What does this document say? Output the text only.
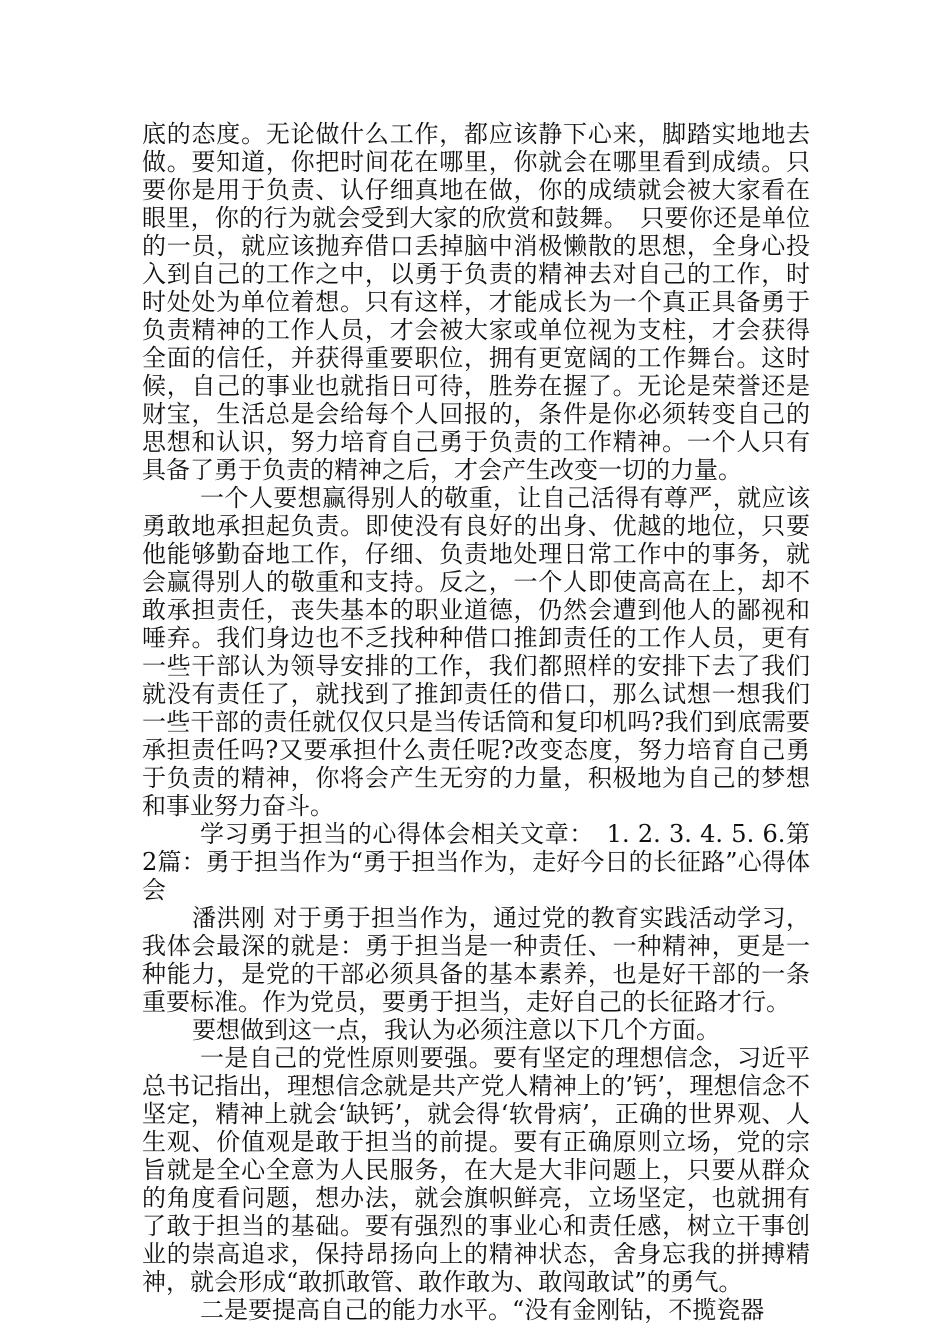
底的态度。无论做什么工作，都应该静下心来，脚踏实地地去做。要知道，你把时间花在哪里，你就会在哪里看到成绩。只要你是用于负责、认仔细真地在做，你的成绩就会被大家看在眼里，你的行为就会受到大家的欣赏和鼓舞。　只要你还是单位的一员，就应该抛弃借口丢掉脑中消极懒散的思想，全身心投入到自己的工作之中，以勇于负责的精神去对自己的工作，时时处处为单位着想。只有这样，才能成长为一个真正具备勇于负责精神的工作人员，才会被大家或单位视为支柱，才会获得全面的信任，并获得重要职位，拥有更宽阔的工作舞台。这时候，自己的事业也就指日可待，胜券在握了。无论是荣誉还是财宝，生活总是会给每个人回报的，条件是你必须转变自己的思想和认识，努力培育自己勇于负责的工作精神。一个人只有具备了勇于负责的精神之后，才会产生改变一切的力量。

一个人要想赢得别人的敬重，让自己活得有尊严，就应该勇敢地承担起负责。即使没有良好的出身、优越的地位，只要他能够勤奋地工作，仔细、负责地处理日常工作中的事务，就会赢得别人的敬重和支持。反之，一个人即使高高在上，却不敢承担责任，丧失基本的职业道德，仍然会遭到他人的鄙视和唾弃。我们身边也不乏找种种借口推卸责任的工作人员，更有一些干部认为领导安排的工作，我们都照样的安排下去了我们就没有责任了，就找到了推卸责任的借口，那么试想一想我们一些干部的责任就仅仅只是当传话筒和复印机吗?我们到底需要承担责任吗?又要承担什么责任呢?改变态度，努力培育自己勇于负责的精神，你将会产生无穷的力量，积极地为自己的梦想和事业努力奋斗。

学习勇于担当的心得体会相关文章：　1. 2. 3. 4. 5. 6.第2篇：勇于担当作为“勇于担当作为，走好今日的长征路”心得体会

潘洪刚 对于勇于担当作为，通过党的教育实践活动学习，我体会最深的就是：勇于担当是一种责任、一种精神，更是一种能力，是党的干部必须具备的基本素养，也是好干部的一条重要标准。作为党员，要勇于担当，走好自己的长征路才行。

要想做到这一点，我认为必须注意以下几个方面。

一是自己的党性原则要强。要有坚定的理想信念，习近平总书记指出，理想信念就是共产党人精神上的’钙’，理想信念不坚定，精神上就会‘缺钙’，就会得‘软骨病’，正确的世界观、人生观、价值观是敢于担当的前提。要有正确原则立场，党的宗旨就是全心全意为人民服务，在大是大非问题上，只要从群众的角度看问题，想办法，就会旗帜鲜亮，立场坚定，也就拥有了敢于担当的基础。要有强烈的事业心和责任感，树立干事创业的崇高追求，保持昂扬向上的精神状态，舍身忘我的拼搏精神，就会形成“敢抓敢管、敢作敢为、敢闯敢试”的勇气。

二是要提高自己的能力水平。“没有金刚钻，不揽瓷器
